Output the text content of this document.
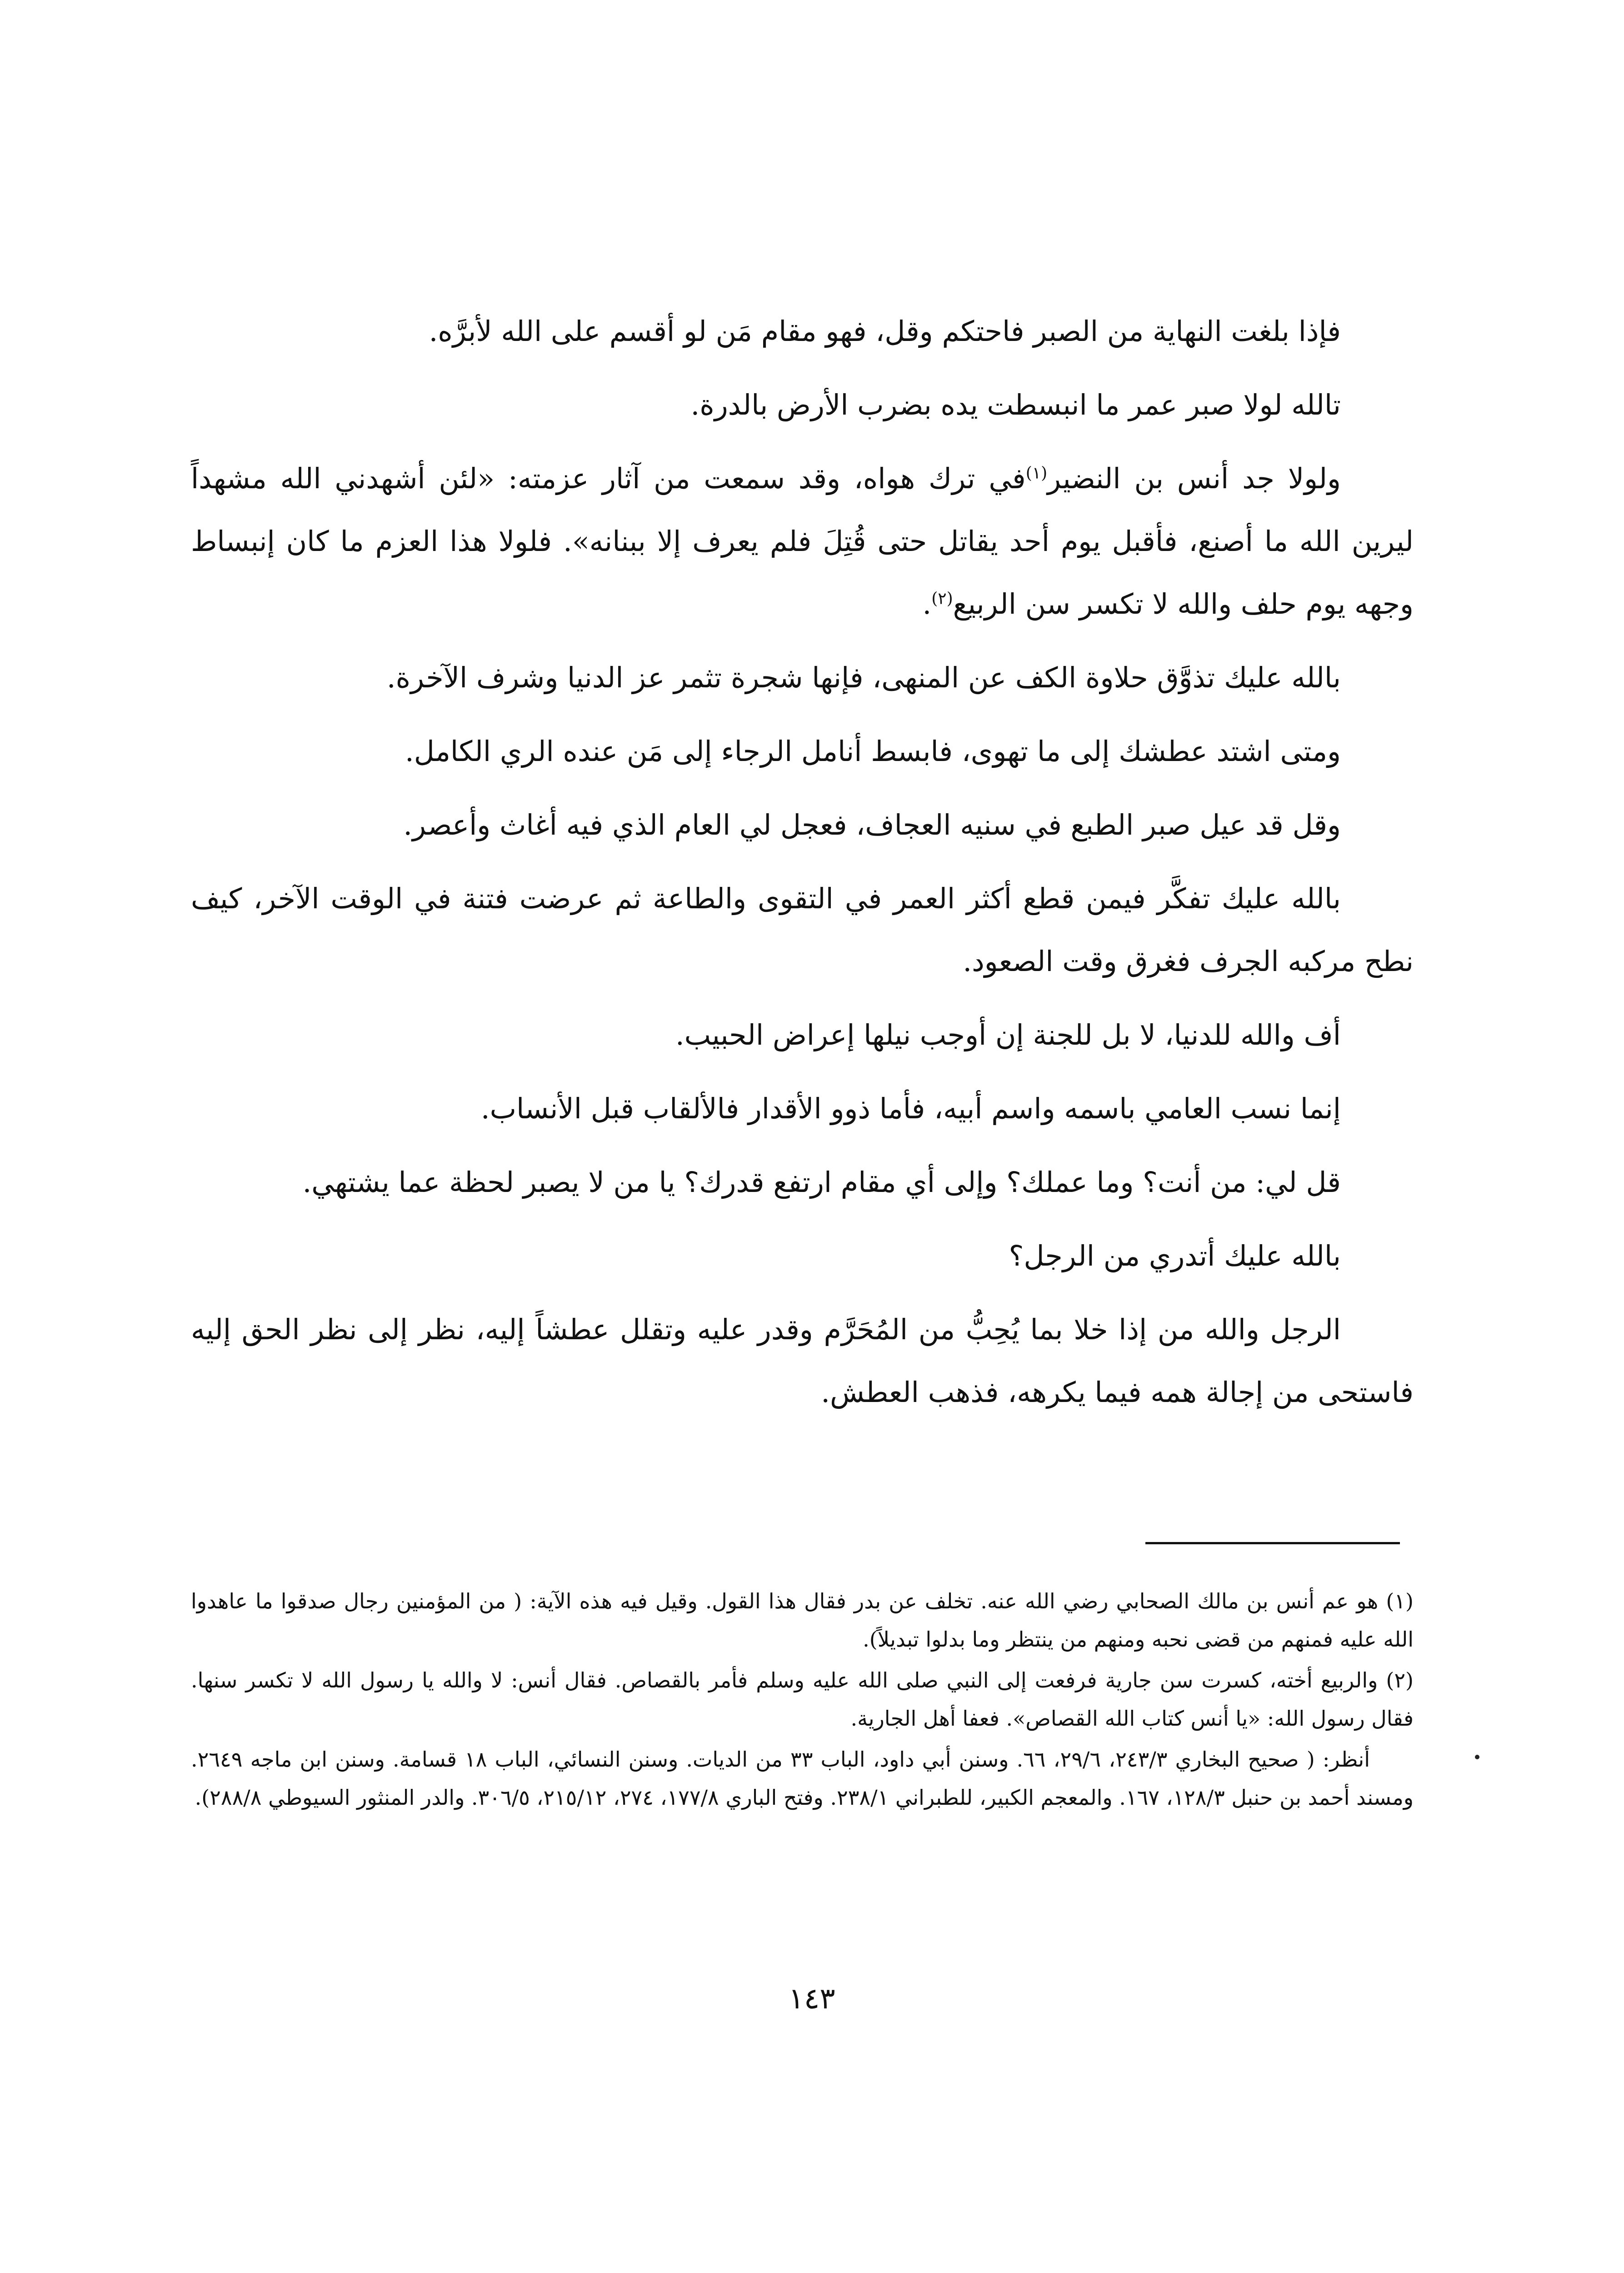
فإذا بلغت النهاية من الصبر فاحتكم وقل، فهو مقام مَن لو أقسم على الله لأبرَّه.

تالله لولا صبر عمر ما انبسطت يده بضرب الأرض بالدرة.

ولولا جد أنس بن النضير$^{(١)}$في ترك هواه، وقد سمعت من آثار عزمته: «لئن أشهدني الله مشهداً ليرين الله ما أصنع، فأقبل يوم أحد يقاتل حتى قُتِلَ فلم يعرف إلا ببنانه». فلولا هذا العزم ما كان إنبساط وجهه يوم حلف والله لا تكسر سن الربيع$^{(٢)}$.

بالله عليك تذوَّق حلاوة الكف عن المنهى، فإنها شجرة تثمر عز الدنيا وشرف الآخرة.

ومتى اشتد عطشك إلى ما تهوى، فابسط أنامل الرجاء إلى مَن عنده الري الكامل.

وقل قد عيل صبر الطبع في سنيه العجاف، فعجل لي العام الذي فيه أغاث وأعصر.

بالله عليك تفكَّر فيمن قطع أكثر العمر في التقوى والطاعة ثم عرضت فتنة في الوقت الآخر، كيف نطح مركبه الجرف فغرق وقت الصعود.

أف والله للدنيا، لا بل للجنة إن أوجب نيلها إعراض الحبيب.

إنما نسب العامي باسمه واسم أبيه، فأما ذوو الأقدار فالألقاب قبل الأنساب.

قل لي: من أنت؟ وما عملك؟ وإلى أي مقام ارتفع قدرك؟ يا من لا يصبر لحظة عما يشتهي.

بالله عليك أتدري من الرجل؟

الرجل والله من إذا خلا بما يُحِبُّ من المُحَرَّم وقدر عليه وتقلل عطشاً إليه، نظر إلى نظر الحق إليه فاستحى من إجالة همه فيما يكرهه، فذهب العطش.

(١) هو عم أنس بن مالك الصحابي رضي الله عنه. تخلف عن بدر فقال هذا القول. وقيل فيه هذه الآية: ( من المؤمنين رجال صدقوا ما عاهدوا الله عليه فمنهم من قضى نحبه ومنهم من ينتظر وما بدلوا تبديلاً).

(٢) والربيع أخته، كسرت سن جارية فرفعت إلى النبي صلى الله عليه وسلم فأمر بالقصاص. فقال أنس: لا والله يا رسول الله لا تكسر سنها. فقال رسول الله: «يا أنس كتاب الله القصاص». فعفا أهل الجارية.

أنظر: ( صحيح البخاري ٢٤٣/٣، ٢٩/٦، ٦٦. وسنن أبي داود، الباب ٣٣ من الديات. وسنن النسائي، الباب ١٨ قسامة. وسنن ابن ماجه ٢٦٤٩. ومسند أحمد بن حنبل ١٢٨/٣، ١٦٧. والمعجم الكبير، للطبراني ٢٣٨/١. وفتح الباري ١٧٧/٨، ٢٧٤، ٢١٥/١٢، ٣٠٦/٥. والدر المنثور السيوطي ٢٨٨/٨).

١٤٣
